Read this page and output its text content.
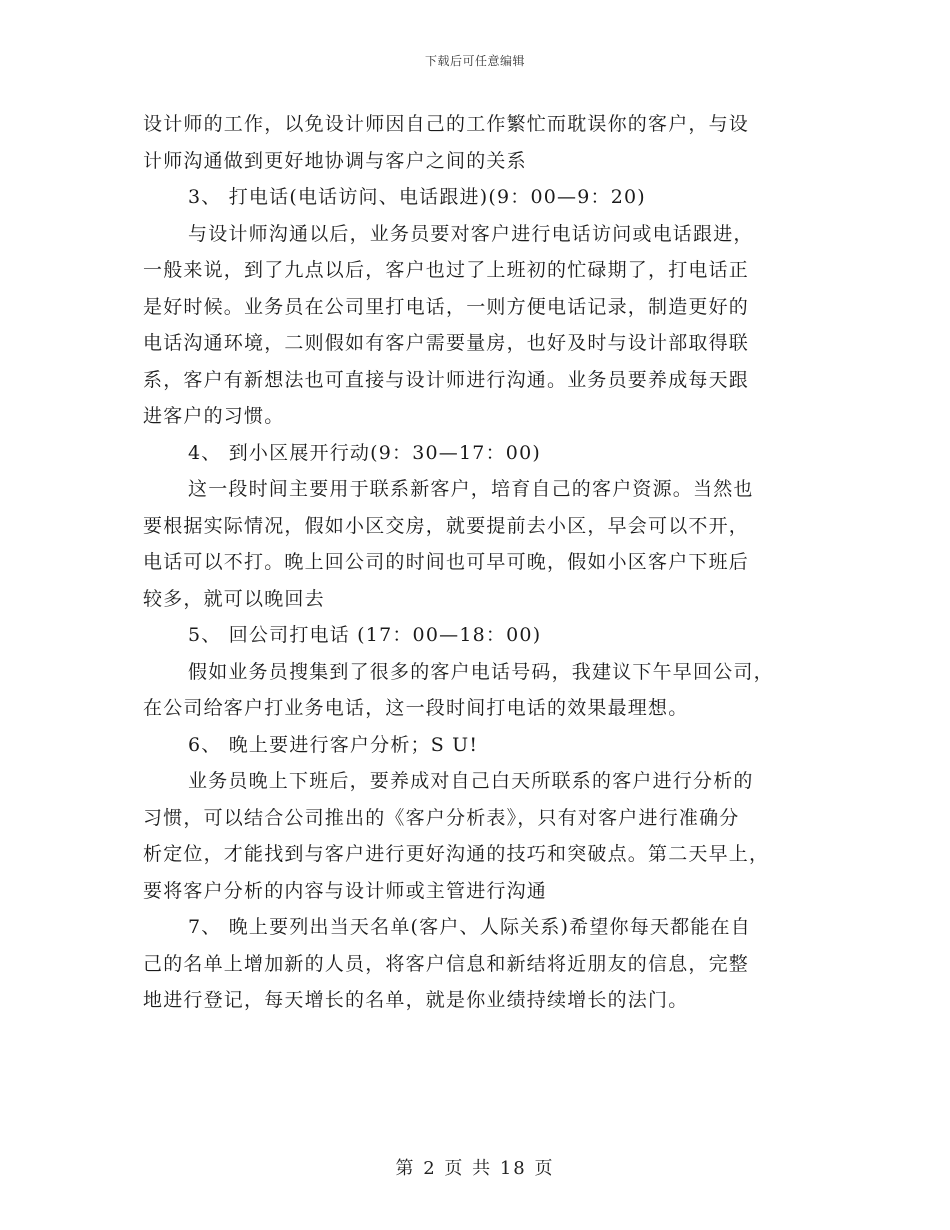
下载后可任意编辑
设计师的工作，以免设计师因自己的工作繁忙而耽误你的客户，与设
计师沟通做到更好地协调与客户之间的关系
3、 打电话(电话访问、电话跟进)(9：00—9：20)
与设计师沟通以后，业务员要对客户进行电话访问或电话跟进，
一般来说，到了九点以后，客户也过了上班初的忙碌期了，打电话正
是好时候。业务员在公司里打电话，一则方便电话记录，制造更好的
电话沟通环境，二则假如有客户需要量房，也好及时与设计部取得联
系，客户有新想法也可直接与设计师进行沟通。业务员要养成每天跟
进客户的习惯。
4、 到小区展开行动(9：30—17：00)
这一段时间主要用于联系新客户，培育自己的客户资源。当然也
要根据实际情况，假如小区交房，就要提前去小区，早会可以不开，
电话可以不打。晚上回公司的时间也可早可晚，假如小区客户下班后
较多，就可以晚回去
5、 回公司打电话 (17：00—18：00)
假如业务员搜集到了很多的客户电话号码，我建议下午早回公司，
在公司给客户打业务电话，这一段时间打电话的效果最理想。
6、 晚上要进行客户分析；S U!
业务员晚上下班后，要养成对自己白天所联系的客户进行分析的
习惯，可以结合公司推出的《客户分析表》，只有对客户进行准确分
析定位，才能找到与客户进行更好沟通的技巧和突破点。第二天早上，
要将客户分析的内容与设计师或主管进行沟通
7、 晚上要列出当天名单(客户、人际关系)希望你每天都能在自
己的名单上增加新的人员，将客户信息和新结将近朋友的信息，完整
地进行登记，每天增长的名单，就是你业绩持续增长的法门。
第 2 页 共 18 页
